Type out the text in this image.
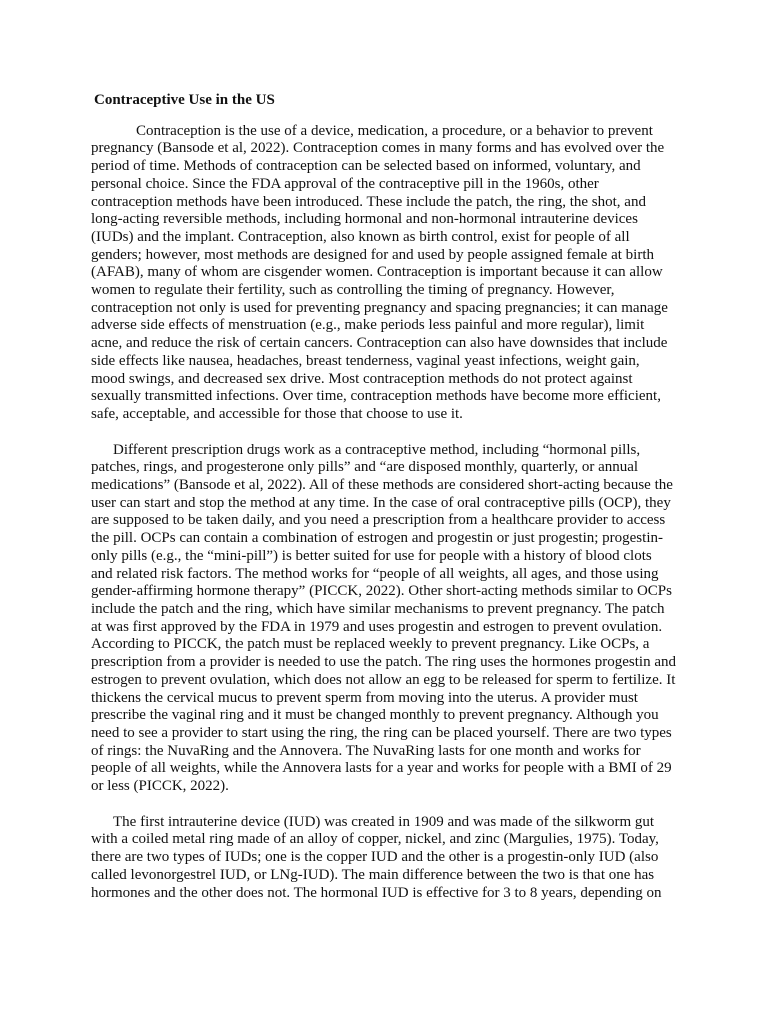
Contraceptive Use in the US
Contraception is the use of a device, medication, a procedure, or a behavior to prevent
pregnancy (Bansode et al, 2022). Contraception comes in many forms and has evolved over the
period of time. Methods of contraception can be selected based on informed, voluntary, and
personal choice. Since the FDA approval of the contraceptive pill in the 1960s, other
contraception methods have been introduced. These include the patch, the ring, the shot, and
long-acting reversible methods, including hormonal and non-hormonal intrauterine devices
(IUDs) and the implant. Contraception, also known as birth control, exist for people of all
genders; however, most methods are designed for and used by people assigned female at birth
(AFAB), many of whom are cisgender women. Contraception is important because it can allow
women to regulate their fertility, such as controlling the timing of pregnancy. However,
contraception not only is used for preventing pregnancy and spacing pregnancies; it can manage
adverse side effects of menstruation (e.g., make periods less painful and more regular), limit
acne, and reduce the risk of certain cancers. Contraception can also have downsides that include
side effects like nausea, headaches, breast tenderness, vaginal yeast infections, weight gain,
mood swings, and decreased sex drive. Most contraception methods do not protect against
sexually transmitted infections. Over time, contraception methods have become more efficient,
safe, acceptable, and accessible for those that choose to use it.
Different prescription drugs work as a contraceptive method, including “hormonal pills,
patches, rings, and progesterone only pills” and “are disposed monthly, quarterly, or annual
medications” (Bansode et al, 2022). All of these methods are considered short-acting because the
user can start and stop the method at any time. In the case of oral contraceptive pills (OCP), they
are supposed to be taken daily, and you need a prescription from a healthcare provider to access
the pill. OCPs can contain a combination of estrogen and progestin or just progestin; progestin-
only pills (e.g., the “mini-pill”) is better suited for use for people with a history of blood clots
and related risk factors. The method works for “people of all weights, all ages, and those using
gender-affirming hormone therapy” (PICCK, 2022). Other short-acting methods similar to OCPs
include the patch and the ring, which have similar mechanisms to prevent pregnancy. The patch
at was first approved by the FDA in 1979 and uses progestin and estrogen to prevent ovulation.
According to PICCK, the patch must be replaced weekly to prevent pregnancy. Like OCPs, a
prescription from a provider is needed to use the patch. The ring uses the hormones progestin and
estrogen to prevent ovulation, which does not allow an egg to be released for sperm to fertilize. It
thickens the cervical mucus to prevent sperm from moving into the uterus. A provider must
prescribe the vaginal ring and it must be changed monthly to prevent pregnancy. Although you
need to see a provider to start using the ring, the ring can be placed yourself. There are two types
of rings: the NuvaRing and the Annovera. The NuvaRing lasts for one month and works for
people of all weights, while the Annovera lasts for a year and works for people with a BMI of 29
or less (PICCK, 2022).
The first intrauterine device (IUD) was created in 1909 and was made of the silkworm gut
with a coiled metal ring made of an alloy of copper, nickel, and zinc (Margulies, 1975). Today,
there are two types of IUDs; one is the copper IUD and the other is a progestin-only IUD (also
called levonorgestrel IUD, or LNg-IUD). The main difference between the two is that one has
hormones and the other does not. The hormonal IUD is effective for 3 to 8 years, depending on
